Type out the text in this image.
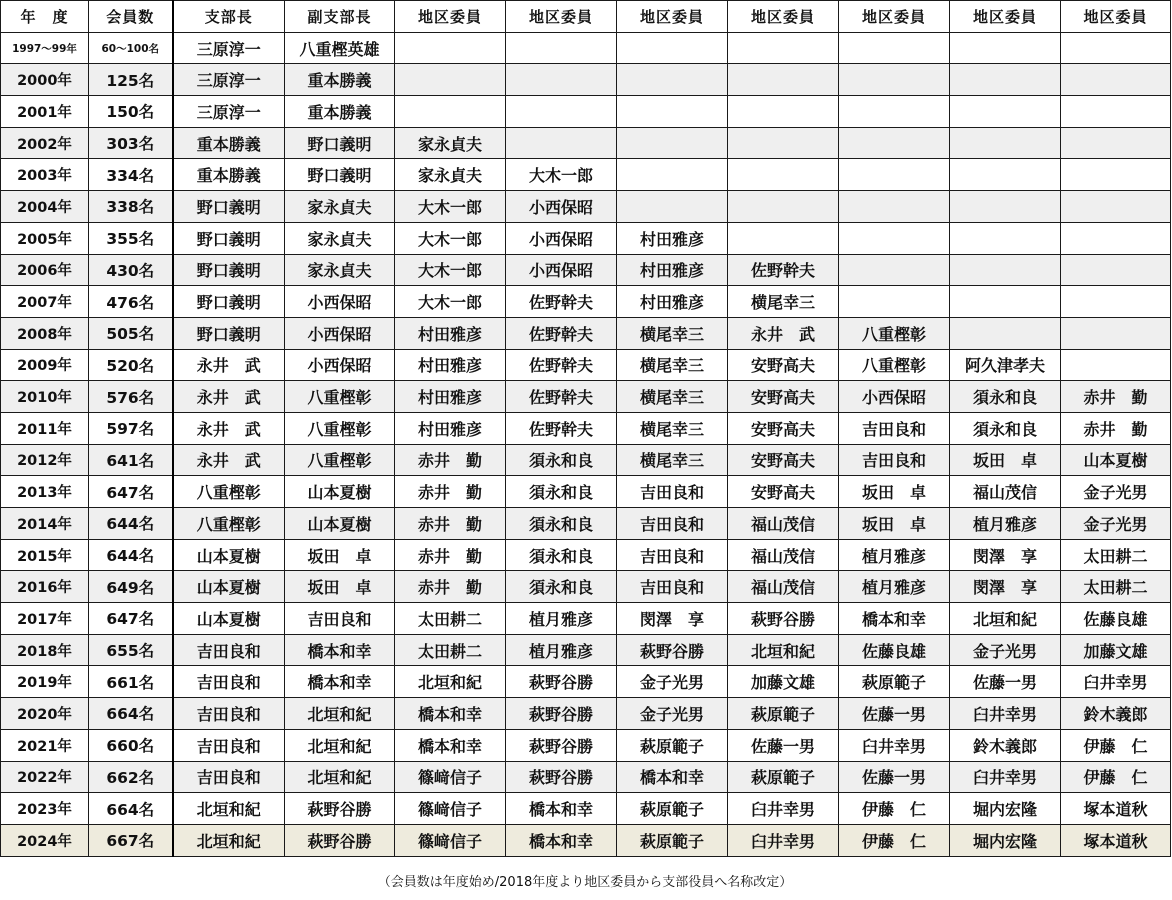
年　度	会員数	支部長	副支部長	地区委員	地区委員	地区委員	地区委員	地区委員	地区委員	地区委員
1997～99年	60～100名	三原淳一	八重樫英雄							
2000年	125名	三原淳一	重本勝義							
2001年	150名	三原淳一	重本勝義							
2002年	303名	重本勝義	野口義明	家永貞夫						
2003年	334名	重本勝義	野口義明	家永貞夫	大木一郎					
2004年	338名	野口義明	家永貞夫	大木一郎	小西保昭					
2005年	355名	野口義明	家永貞夫	大木一郎	小西保昭	村田雅彦				
2006年	430名	野口義明	家永貞夫	大木一郎	小西保昭	村田雅彦	佐野幹夫			
2007年	476名	野口義明	小西保昭	大木一郎	佐野幹夫	村田雅彦	横尾幸三			
2008年	505名	野口義明	小西保昭	村田雅彦	佐野幹夫	横尾幸三	永井　武	八重樫彰		
2009年	520名	永井　武	小西保昭	村田雅彦	佐野幹夫	横尾幸三	安野高夫	八重樫彰	阿久津孝夫	
2010年	576名	永井　武	八重樫彰	村田雅彦	佐野幹夫	横尾幸三	安野高夫	小西保昭	須永和良	赤井　勤
2011年	597名	永井　武	八重樫彰	村田雅彦	佐野幹夫	横尾幸三	安野高夫	吉田良和	須永和良	赤井　勤
2012年	641名	永井　武	八重樫彰	赤井　勤	須永和良	横尾幸三	安野高夫	吉田良和	坂田　卓	山本夏樹
2013年	647名	八重樫彰	山本夏樹	赤井　勤	須永和良	吉田良和	安野高夫	坂田　卓	福山茂信	金子光男
2014年	644名	八重樫彰	山本夏樹	赤井　勤	須永和良	吉田良和	福山茂信	坂田　卓	植月雅彦	金子光男
2015年	644名	山本夏樹	坂田　卓	赤井　勤	須永和良	吉田良和	福山茂信	植月雅彦	閔澤　享	太田耕二
2016年	649名	山本夏樹	坂田　卓	赤井　勤	須永和良	吉田良和	福山茂信	植月雅彦	閔澤　享	太田耕二
2017年	647名	山本夏樹	吉田良和	太田耕二	植月雅彦	閔澤　享	萩野谷勝	橋本和幸	北垣和紀	佐藤良雄
2018年	655名	吉田良和	橋本和幸	太田耕二	植月雅彦	萩野谷勝	北垣和紀	佐藤良雄	金子光男	加藤文雄
2019年	661名	吉田良和	橋本和幸	北垣和紀	萩野谷勝	金子光男	加藤文雄	萩原範子	佐藤一男	臼井幸男
2020年	664名	吉田良和	北垣和紀	橋本和幸	萩野谷勝	金子光男	萩原範子	佐藤一男	臼井幸男	鈴木義郎
2021年	660名	吉田良和	北垣和紀	橋本和幸	萩野谷勝	萩原範子	佐藤一男	臼井幸男	鈴木義郎	伊藤　仁
2022年	662名	吉田良和	北垣和紀	篠﨑信子	萩野谷勝	橋本和幸	萩原範子	佐藤一男	臼井幸男	伊藤　仁
2023年	664名	北垣和紀	萩野谷勝	篠﨑信子	橋本和幸	萩原範子	臼井幸男	伊藤　仁	堀内宏隆	塚本道秋
2024年	667名	北垣和紀	萩野谷勝	篠﨑信子	橋本和幸	萩原範子	臼井幸男	伊藤　仁	堀内宏隆	塚本道秋
（会員数は年度始め/2018年度より地区委員から支部役員へ名称改定）
